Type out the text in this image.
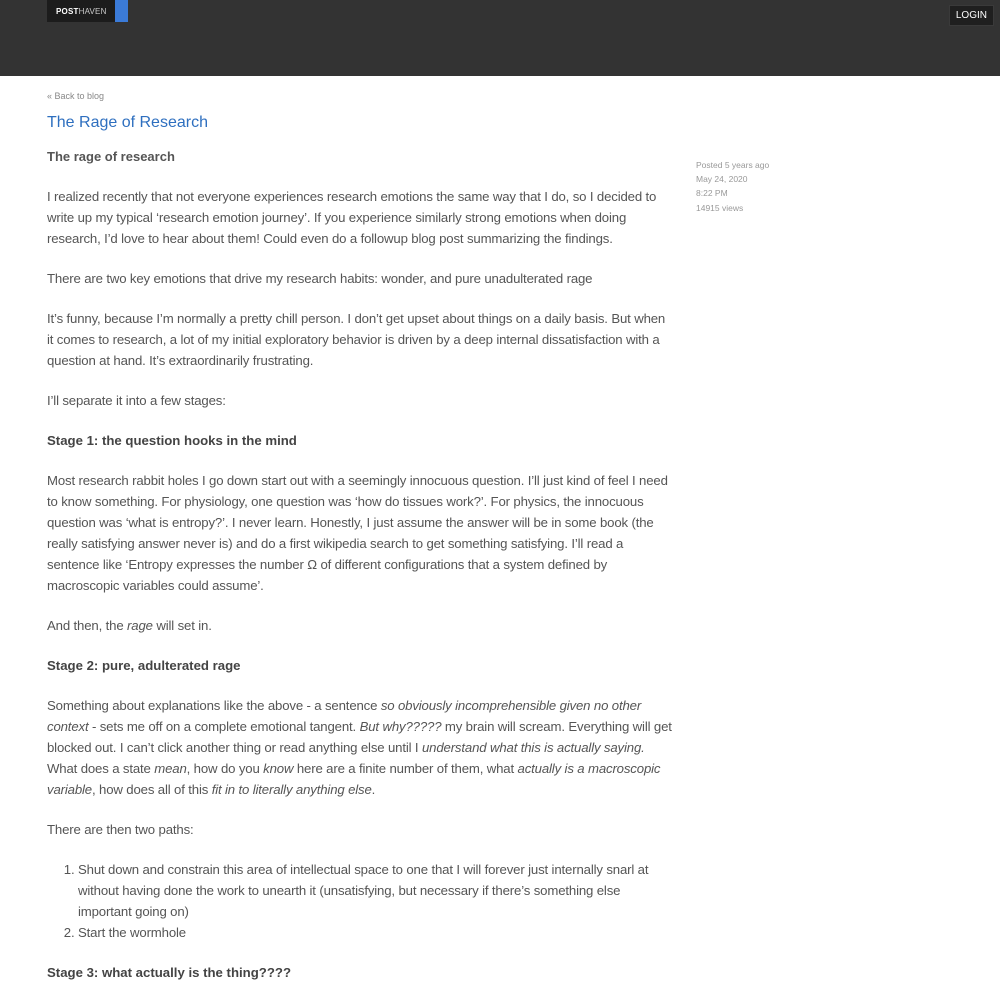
POST HAVEN	LOGIN
« Back to blog
The Rage of Research
The rage of research

I realized recently that not everyone experiences research emotions the same way that I do, so I decided to write up my typical ‘research emotion journey’. If you experience similarly strong emotions when doing research, I’d love to hear about them! Could even do a followup blog post summarizing the findings.

There are two key emotions that drive my research habits: wonder, and pure unadulterated rage

It’s funny, because I’m normally a pretty chill person. I don’t get upset about things on a daily basis. But when it comes to research, a lot of my initial exploratory behavior is driven by a deep internal dissatisfaction with a question at hand. It’s extraordinarily frustrating.

I’ll separate it into a few stages:

Stage 1: the question hooks in the mind

Most research rabbit holes I go down start out with a seemingly innocuous question. I’ll just kind of feel I need to know something. For physiology, one question was ‘how do tissues work?’. For physics, the innocuous question was ‘what is entropy?’. I never learn. Honestly, I just assume the answer will be in some book (the really satisfying answer never is) and do a first wikipedia search to get something satisfying. I’ll read a sentence like ‘Entropy expresses the number Ω of different configurations that a system defined by macroscopic variables could assume’.

And then, the rage will set in.

Stage 2: pure, adulterated rage

Something about explanations like the above - a sentence so obviously incomprehensible given no other context - sets me off on a complete emotional tangent. But why????? my brain will scream. Everything will get blocked out. I can’t click another thing or read anything else until I understand what this is actually saying. What does a state mean, how do you know here are a finite number of them, what actually is a macroscopic variable, how does all of this fit in to literally anything else.

There are then two paths:

1. Shut down and constrain this area of intellectual space to one that I will forever just internally snarl at without having done the work to unearth it (unsatisfying, but necessary if there’s something else important going on)
2. Start the wormhole
Stage 3: what actually is the thing????
Posted 5 years ago
May 24, 2020
8:22 PM
14915 views
